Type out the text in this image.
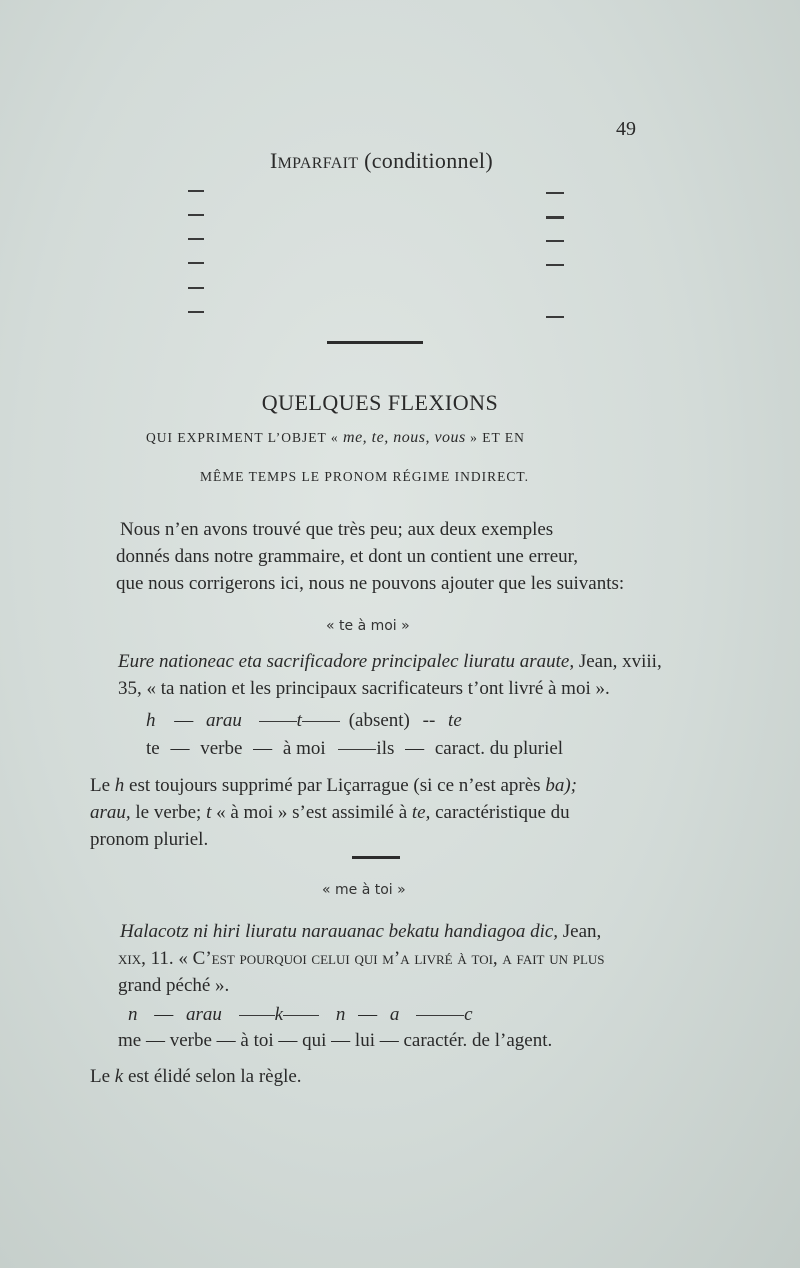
49
IMPARFAIT (conditionnel)
QUELQUES FLEXIONS
QUI EXPRIMENT L’OBJET « me, te, nous, vous » ET EN
MÊME TEMPS LE PRONOM RÉGIME INDIRECT.
Nous n’en avons trouvé que très peu; aux deux exemples
donnés dans notre grammaire, et dont un contient une erreur,
que nous corrigerons ici, nous ne pouvons ajouter que les suivants:
« te à moi »
Eure nationeac eta sacrificadore principalec liuratu araute, Jean, xviii,
35, « ta nation et les principaux sacrificateurs t’ont livré à moi ».
h — arau	t (absent) -- te
te — verbe — à moi	ils — caract. du pluriel
Le h est toujours supprimé par Liçarrague (si ce n’est après ba);
arau, le verbe; t « à moi » s’est assimilé à te, caractéristique du
pronom pluriel.
« me à toi »
Halacotz ni hiri liuratu narauanac bekatu handiagoa dic, Jean,
xix, 11. « C’est pourquoi celui qui m’a livré à toi, a fait un plus
grand péché ».
n — arau	k	n — a	c
me — verbe — à toi — qui — lui — caractér. de l’agent.
Le k est élidé selon la règle.
